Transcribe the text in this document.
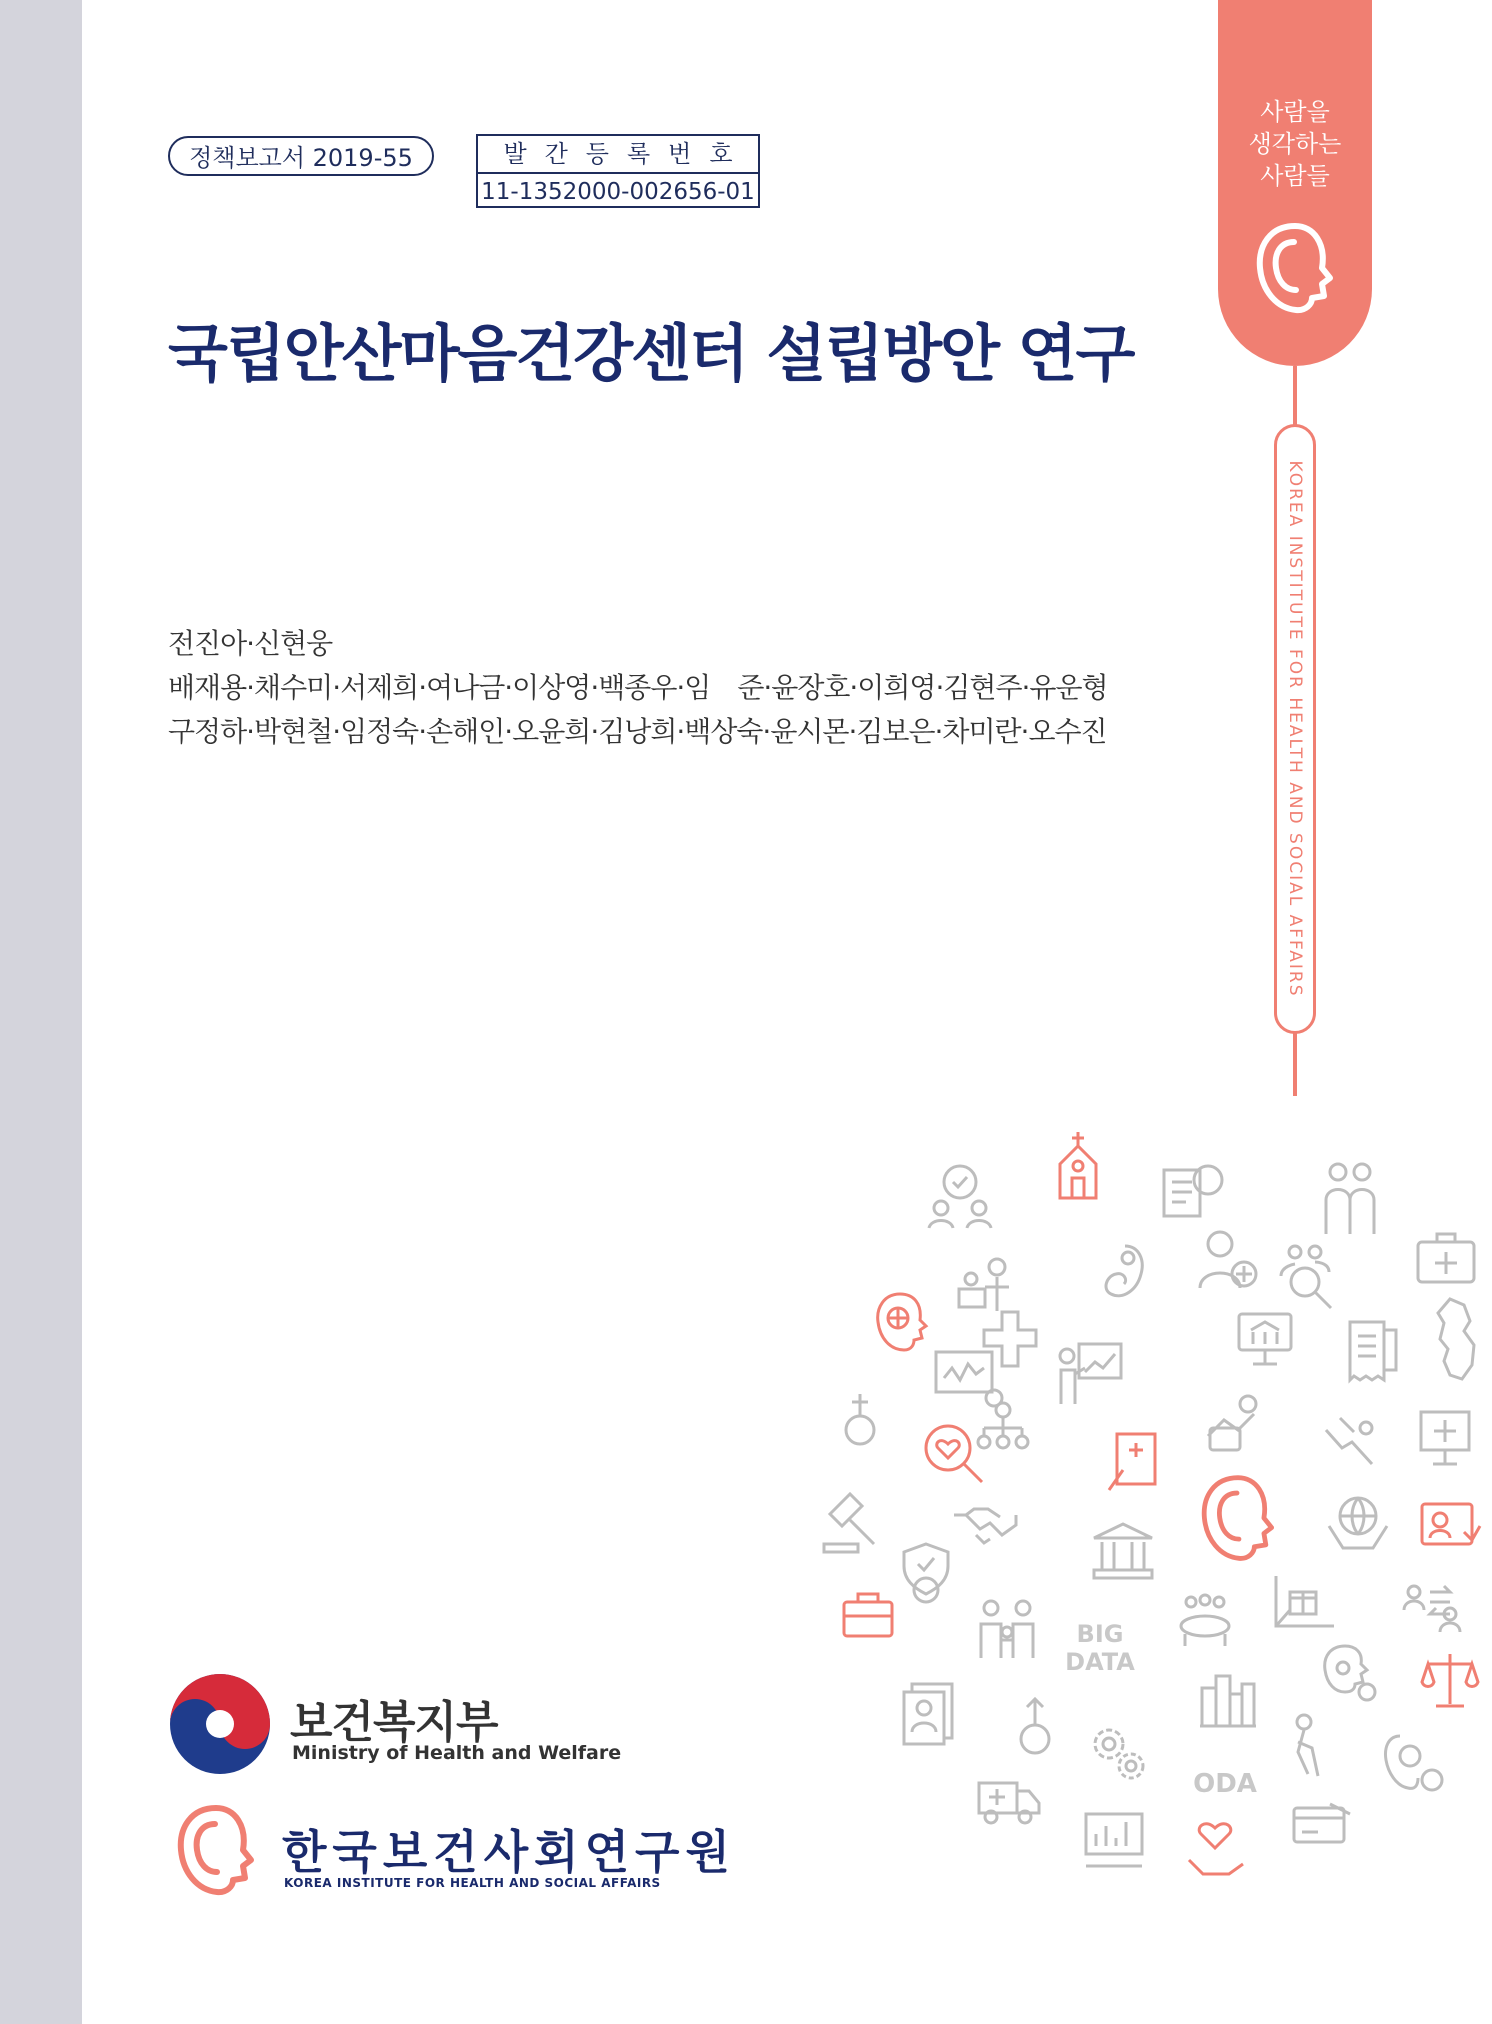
정책보고서 2019-55	발간등록번호
11-1352000-002656-01
국립안산마음건강센터 설립방안 연구
전진아·신현웅
배재용·채수미·서제희·여나금·이상영·백종우·임　준·윤장호·이희영·김현주·유운형
구정하·박현철·임정숙·손해인·오윤희·김낭희·백상숙·윤시몬·김보은·차미란·오수진
사람을
생각하는
사람들
KOREA INSTITUTE FOR HEALTH AND SOCIAL AFFAIRS
BIG
DATA
ODA
보건복지부
Ministry of Health and Welfare
한국보건사회연구원
KOREA INSTITUTE FOR HEALTH AND SOCIAL AFFAIRS
